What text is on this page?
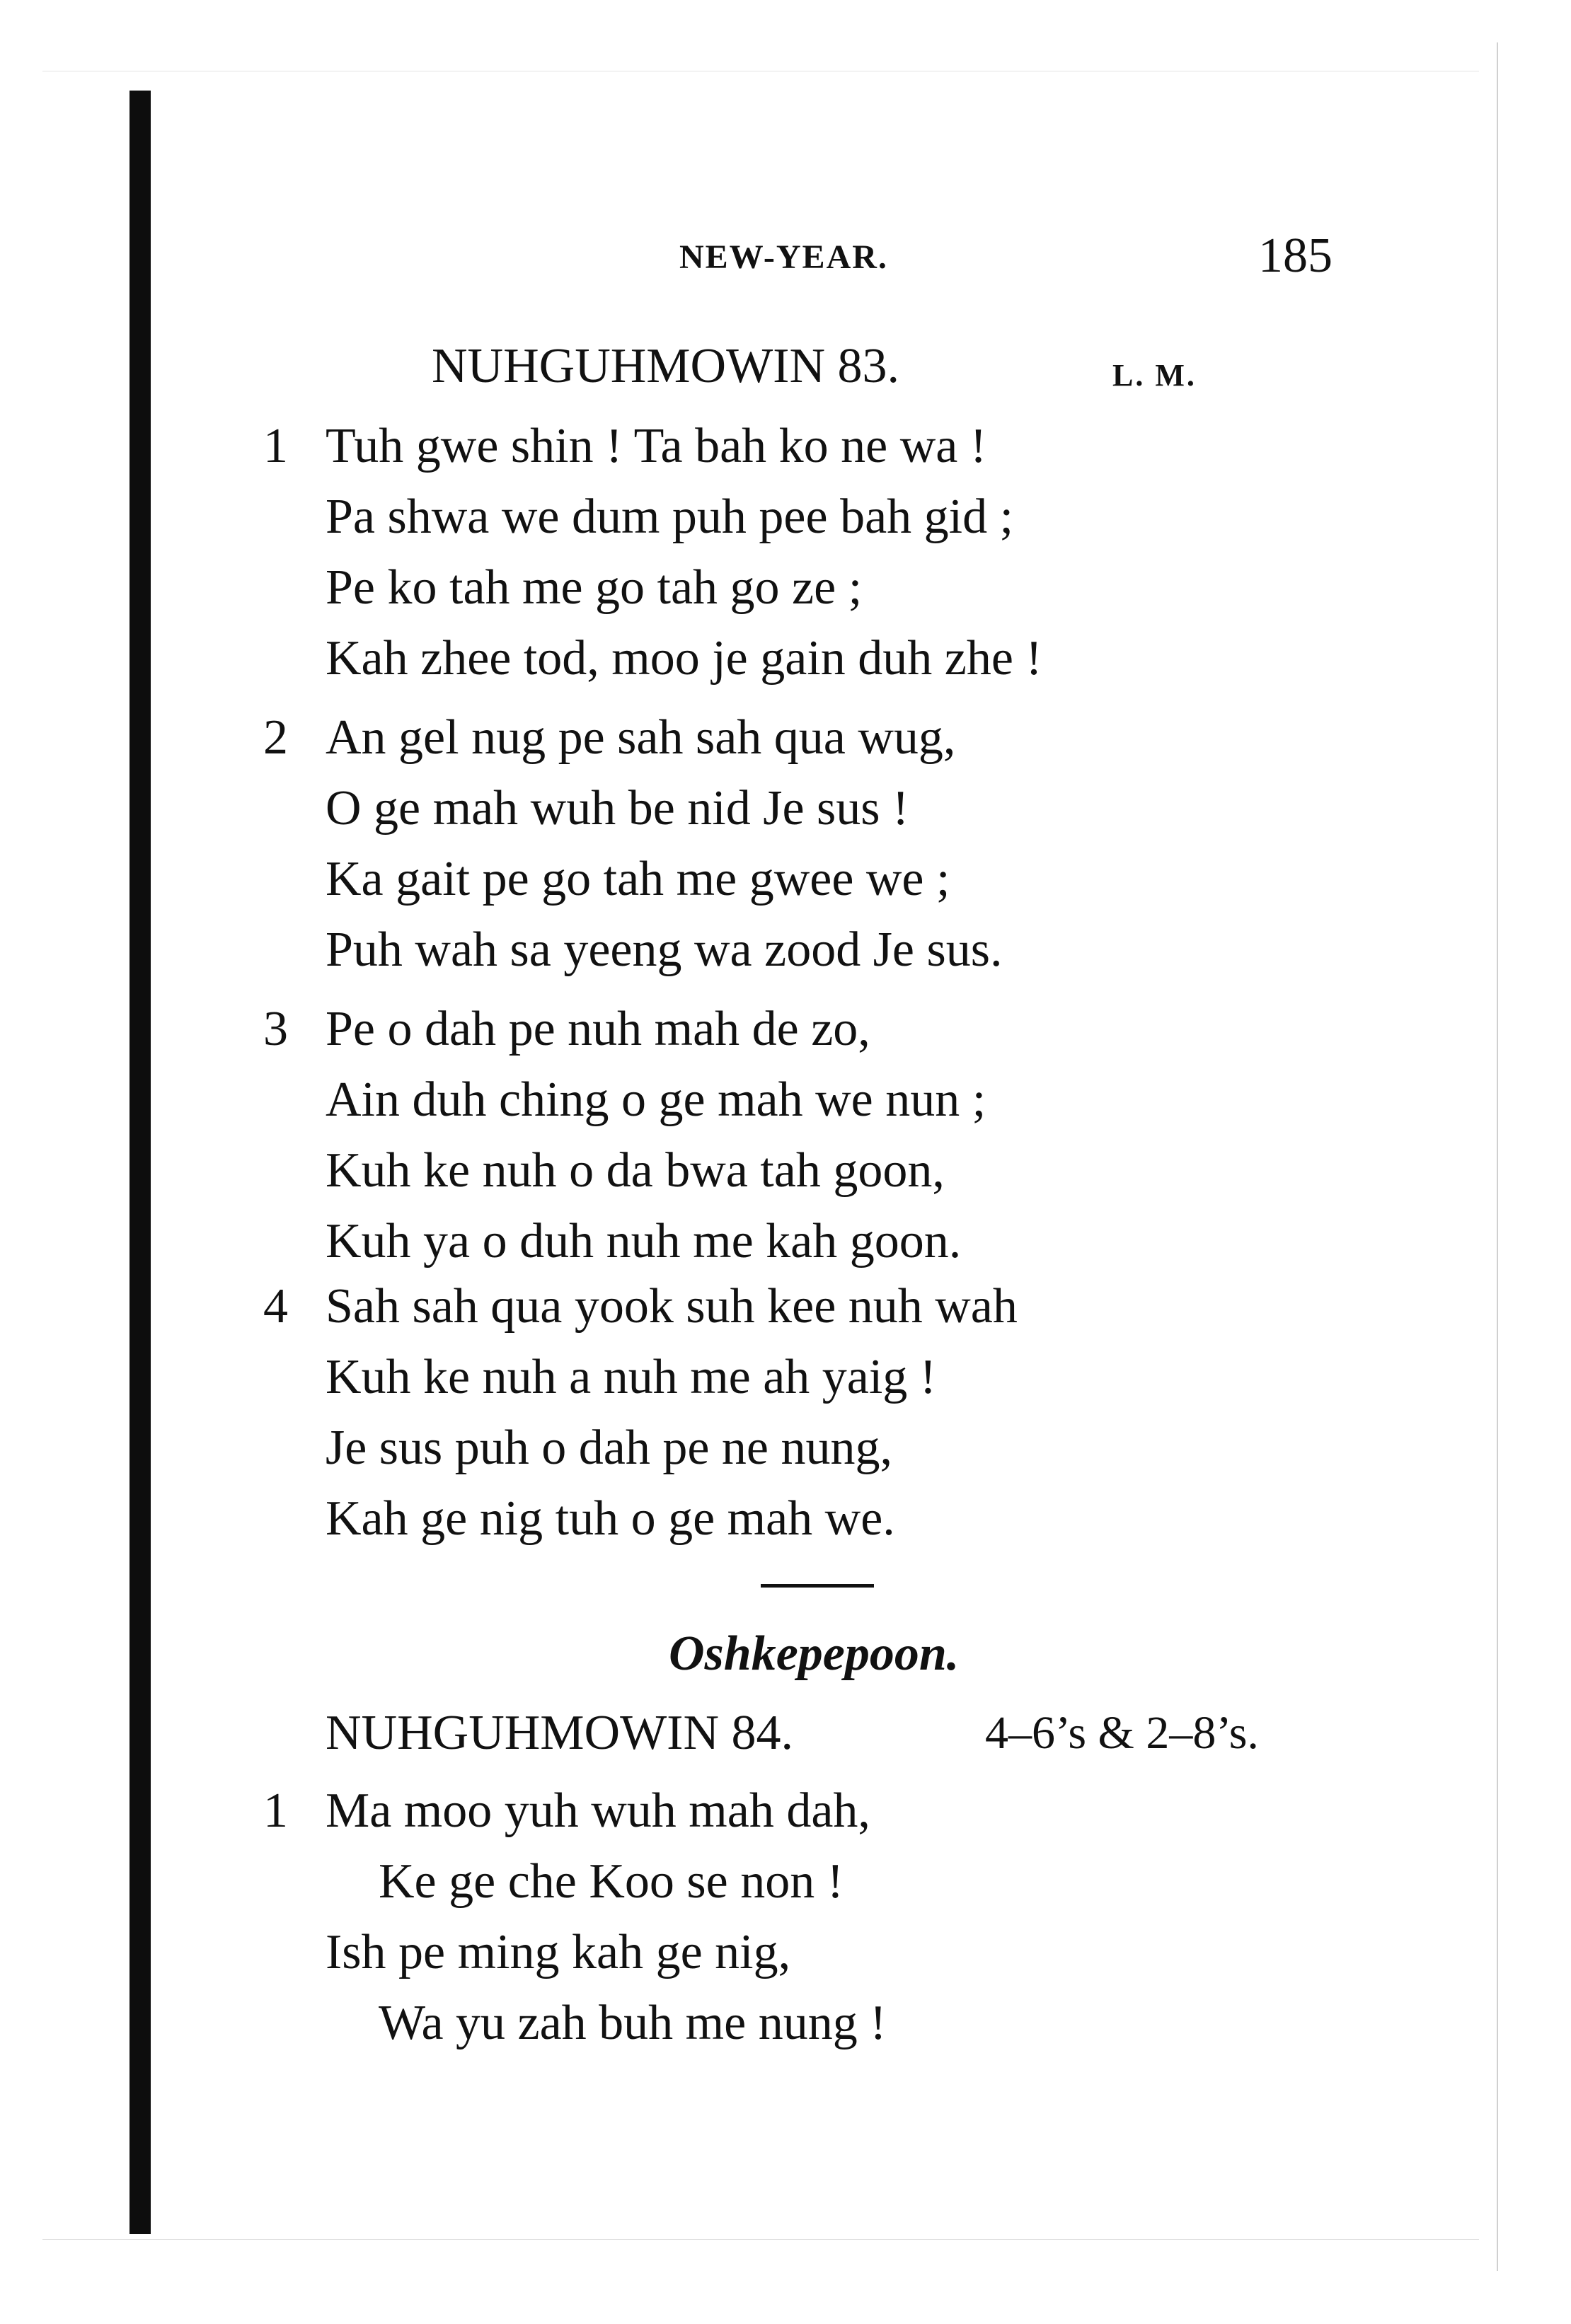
NEW-YEAR.	185
NUHGUHMOWIN 83.	L. M.
1 Tuh gwe shin ! Ta bah ko ne wa !
Pa shwa we dum puh pee bah gid ;
Pe ko tah me go tah go ze ;
Kah zhee tod, moo je gain duh zhe !
2 An gel nug pe sah sah qua wug,
O ge mah wuh be nid Je sus !
Ka gait pe go tah me gwee we ;
Puh wah sa yeeng wa zood Je sus.
3 Pe o dah pe nuh mah de zo,
Ain duh ching o ge mah we nun ;
Kuh ke nuh o da bwa tah goon,
Kuh ya o duh nuh me kah goon.
4 Sah sah qua yook suh kee nuh wah
Kuh ke nuh a nuh me ah yaig !
Je sus puh o dah pe ne nung,
Kah ge nig tuh o ge mah we.
Oshkepepoon.
NUHGUHMOWIN 84.	4–6’s & 2–8’s.
1 Ma moo yuh wuh mah dah,
Ke ge che Koo se non !
Ish pe ming kah ge nig,
Wa yu zah buh me nung !
